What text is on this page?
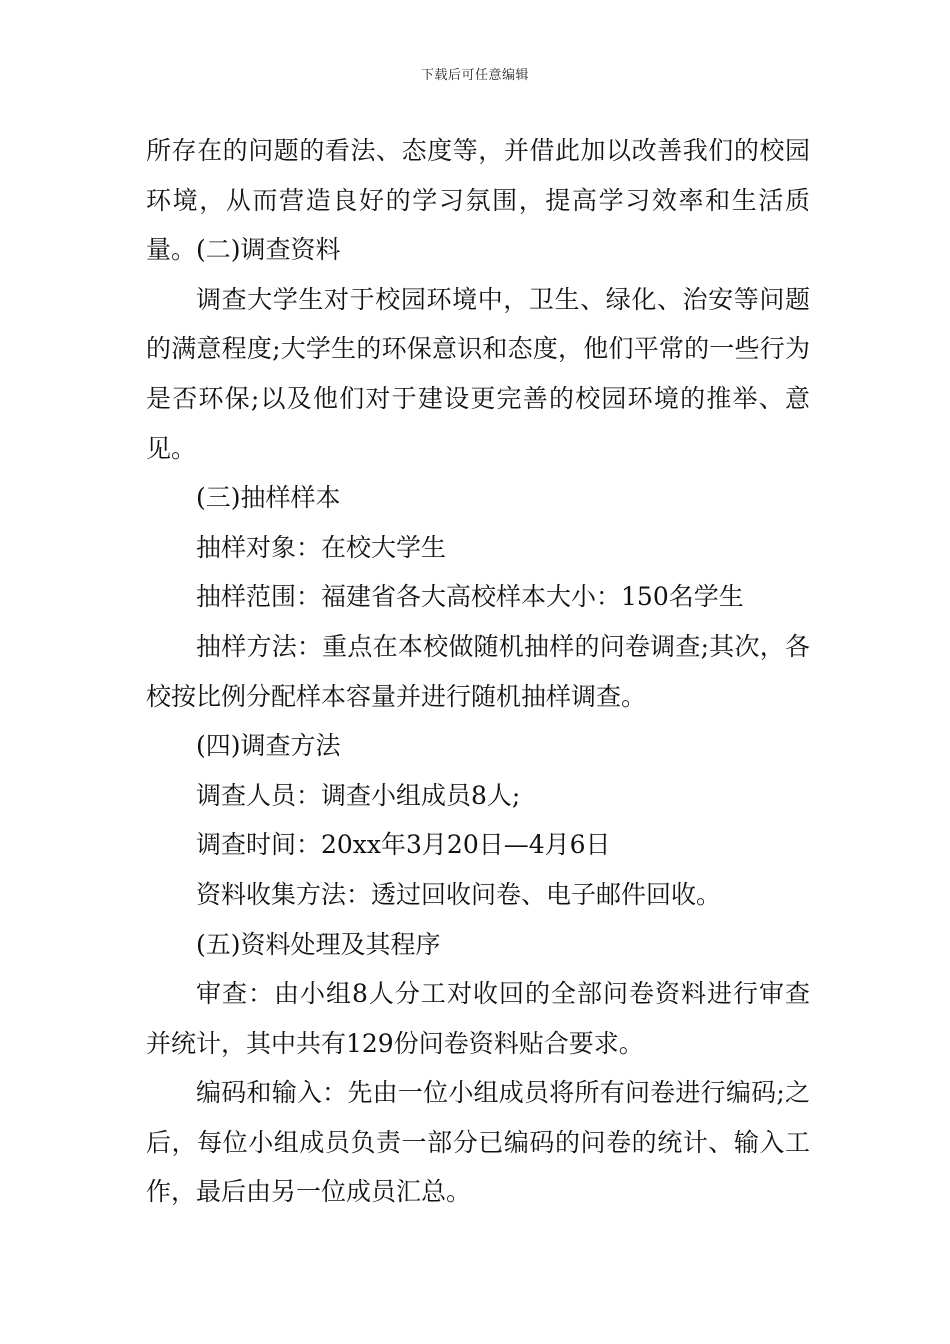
下载后可任意编辑

所存在的问题的看法、态度等，并借此加以改善我们的校园环境，从而营造良好的学习氛围，提高学习效率和生活质量。(二)调查资料

调查大学生对于校园环境中，卫生、绿化、治安等问题的满意程度;大学生的环保意识和态度，他们平常的一些行为是否环保;以及他们对于建设更完善的校园环境的推举、意见。

(三)抽样样本

抽样对象：在校大学生

抽样范围：福建省各大高校样本大小：150名学生

抽样方法：重点在本校做随机抽样的问卷调查;其次，各校按比例分配样本容量并进行随机抽样调查。

(四)调查方法

调查人员：调查小组成员8人;

调查时间：20xx年3月20日—4月6日

资料收集方法：透过回收问卷、电子邮件回收。

(五)资料处理及其程序

审查：由小组8人分工对收回的全部问卷资料进行审查并统计，其中共有129份问卷资料贴合要求。

编码和输入：先由一位小组成员将所有问卷进行编码;之后，每位小组成员负责一部分已编码的问卷的统计、输入工作，最后由另一位成员汇总。
